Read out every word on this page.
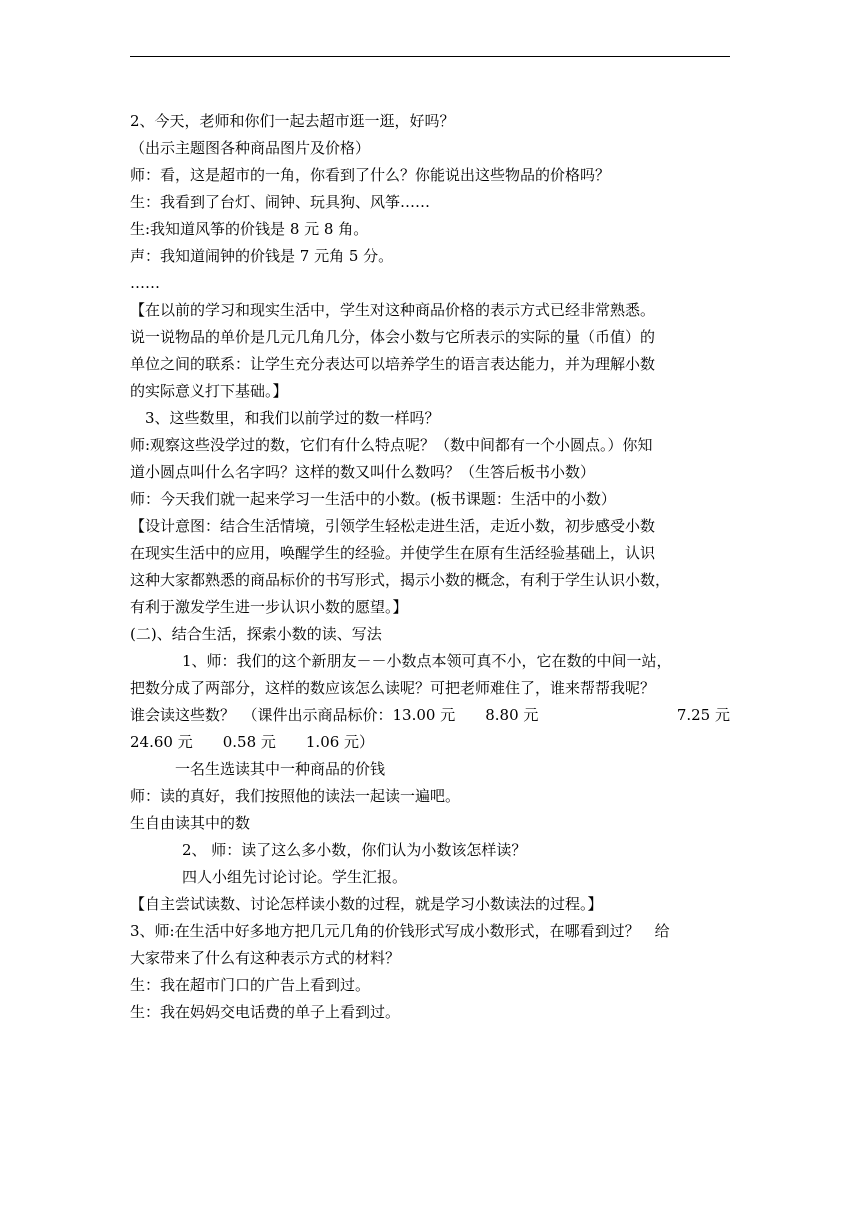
2、今天，老师和你们一起去超市逛一逛，好吗？
（出示主题图各种商品图片及价格）
师：看，这是超市的一角，你看到了什么？你能说出这些物品的价格吗？
生：我看到了台灯、闹钟、玩具狗、风筝……
生:我知道风筝的价钱是 8 元 8 角。
声：我知道闹钟的价钱是 7 元角 5 分。
……
【在以前的学习和现实生活中，学生对这种商品价格的表示方式已经非常熟悉。
说一说物品的单价是几元几角几分，体会小数与它所表示的实际的量（币值）的
单位之间的联系：让学生充分表达可以培养学生的语言表达能力，并为理解小数
的实际意义打下基础。】
3、这些数里，和我们以前学过的数一样吗？
师:观察这些没学过的数，它们有什么特点呢？（数中间都有一个小圆点。）你知
道小圆点叫什么名字吗？这样的数又叫什么数吗？（生答后板书小数）
师：今天我们就一起来学习一生活中的小数。(板书课题：生活中的小数）
【设计意图：结合生活情境，引领学生轻松走进生活，走近小数，初步感受小数
在现实生活中的应用，唤醒学生的经验。并使学生在原有生活经验基础上，认识
这种大家都熟悉的商品标价的书写形式，揭示小数的概念，有利于学生认识小数，
有利于激发学生进一步认识小数的愿望。】
(二)、结合生活，探索小数的读、写法
1、师：我们的这个新朋友－－小数点本领可真不小，它在数的中间一站，
把数分成了两部分，这样的数应该怎么读呢？可把老师难住了，谁来帮帮我呢？
谁会读这些数？　（课件出示商品标价：13.00 元　　8.80 元	7.25 元
24.60 元　　0.58 元　　1.06 元）
一名生选读其中一种商品的价钱
师：读的真好，我们按照他的读法一起读一遍吧。
生自由读其中的数
2、 师：读了这么多小数，你们认为小数该怎样读？
四人小组先讨论讨论。学生汇报。
【自主尝试读数、讨论怎样读小数的过程，就是学习小数读法的过程。】
3、师:在生活中好多地方把几元几角的价钱形式写成小数形式，在哪看到过？　给
大家带来了什么有这种表示方式的材料？
生：我在超市门口的广告上看到过。
生：我在妈妈交电话费的单子上看到过。
